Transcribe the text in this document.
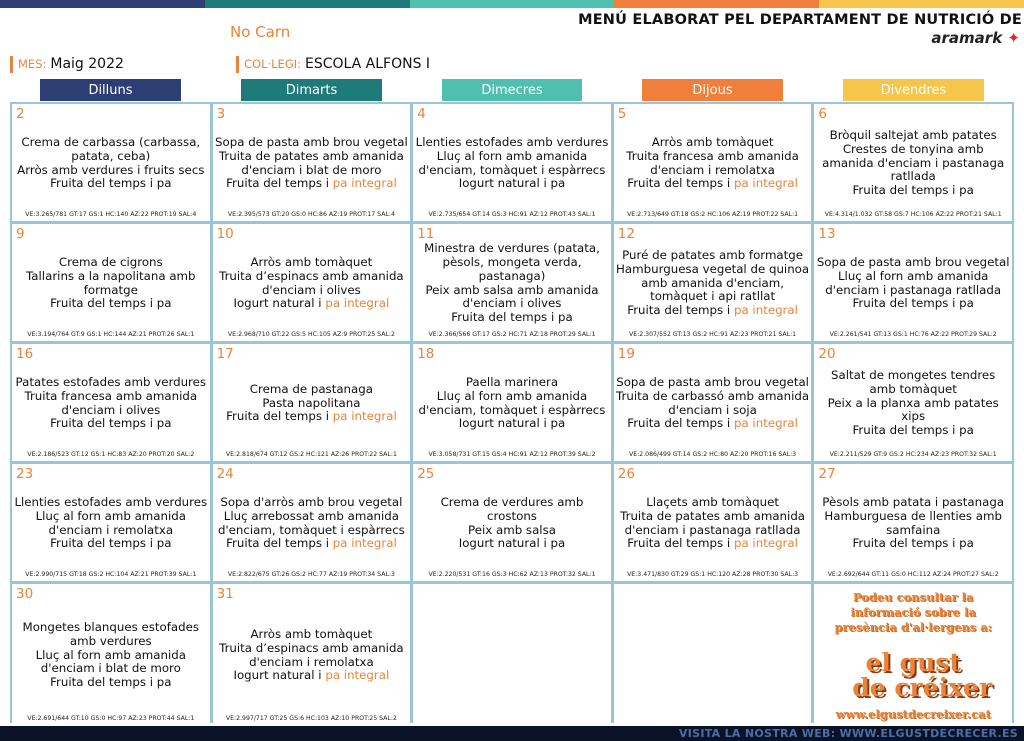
No Carn
MENÚ ELABORAT PEL DEPARTAMENT DE NUTRICIÓ DE
aramark ✦
MES: Maig 2022	COL·LEGI: ESCOLA ALFONS I
Dilluns	Dimarts	Dimecres	Dijous	Divendres
2
Crema de carbassa (carbassa, patata, ceba)
Arròs amb verdures i fruits secs
Fruita del temps i pa
VE:3.265/781 GT:17 GS:1 HC:140 AZ:22 PROT:19 SAL:4
3
Sopa de pasta amb brou vegetal
Truita de patates amb amanida d'enciam i blat de moro
Fruita del temps i pa integral
VE:2.395/573 GT:20 GS:0 HC:86 AZ:19 PROT:17 SAL:4
4
Llenties estofades amb verdures
Lluç al forn amb amanida d'enciam, tomàquet i espàrrecs
Iogurt natural i pa
VE:2.735/654 GT:14 GS:3 HC:91 AZ:12 PROT:43 SAL:1
5
Arròs amb tomàquet
Truita francesa amb amanida d'enciam i remolatxa
Fruita del temps i pa integral
VE:2.713/649 GT:18 GS:2 HC:106 AZ:19 PROT:22 SAL:1
6
Bròquil saltejat amb patates
Crestes de tonyina amb amanida d'enciam i pastanaga ratllada
Fruita del temps i pa
VE:4.314/1.032 GT:58 GS:7 HC:106 AZ:22 PROT:21 SAL:1
9
Crema de cigrons
Tallarins a la napolitana amb formatge
Fruita del temps i pa
VE:3.194/764 GT:9 GS:1 HC:144 AZ:21 PROT:26 SAL:1
10
Arròs amb tomàquet
Truita d’espinacs amb amanida d'enciam i olives
Iogurt natural i pa integral
VE:2.968/710 GT:22 GS:5 HC:105 AZ:9 PROT:25 SAL:2
11
Minestra de verdures (patata, pèsols, mongeta verda, pastanaga)
Peix amb salsa amb amanida d'enciam i olives
Fruita del temps i pa
VE:2.366/566 GT:17 GS:2 HC:71 AZ:18 PROT:29 SAL:1
12
Puré de patates amb formatge
Hamburguesa vegetal de quinoa amb amanida d'enciam, tomàquet i api ratllat
Fruita del temps i pa integral
VE:2.307/552 GT:13 GS:2 HC:91 AZ:23 PROT:21 SAL:1
13
Sopa de pasta amb brou vegetal
Lluç al forn amb amanida d'enciam i pastanaga ratllada
Fruita del temps i pa
VE:2.261/541 GT:13 GS:1 HC:76 AZ:22 PROT:29 SAL:2
16
Patates estofades amb verdures
Truita francesa amb amanida d'enciam i olives
Fruita del temps i pa
VE:2.186/523 GT:12 GS:1 HC:83 AZ:20 PROT:20 SAL:2
17
Crema de pastanaga
Pasta napolitana
Fruita del temps i pa integral
VE:2.818/674 GT:12 GS:2 HC:121 AZ:26 PROT:22 SAL:1
18
Paella marinera
Lluç al forn amb amanida d'enciam, tomàquet i espàrrecs
Iogurt natural i pa
VE:3.058/731 GT:15 GS:4 HC:91 AZ:12 PROT:39 SAL:2
19
Sopa de pasta amb brou vegetal
Truita de carbassó amb amanida d'enciam i soja
Fruita del temps i pa integral
VE:2.086/499 GT:14 GS:2 HC:80 AZ:20 PROT:16 SAL:3
20
Saltat de mongetes tendres amb tomàquet
Peix a la planxa amb patates xips
Fruita del temps i pa
VE:2.211/529 GT:9 GS:2 HC:234 AZ:23 PROT:32 SAL:1
23
Llenties estofades amb verdures
Lluç al forn amb amanida d'enciam i remolatxa
Fruita del temps i pa
VE:2.990/715 GT:18 GS:2 HC:104 AZ:21 PROT:39 SAL:1
24
Sopa d'arròs amb brou vegetal
Lluç arrebossat amb amanida d'enciam, tomàquet i espàrrecs
Fruita del temps i pa integral
VE:2.822/675 GT:26 GS:2 HC:77 AZ:19 PROT:34 SAL:3
25
Crema de verdures amb crostons
Peix amb salsa
Iogurt natural i pa
VE:2.220/531 GT:16 GS:3 HC:62 AZ:13 PROT:32 SAL:1
26
Llaçets amb tomàquet
Truita de patates amb amanida d'enciam i pastanaga ratllada
Fruita del temps i pa integral
VE:3.471/830 GT:29 GS:1 HC:120 AZ:28 PROT:30 SAL:3
27
Pèsols amb patata i pastanaga
Hamburguesa de llenties amb samfaina
Fruita del temps i pa
VE:2.692/644 GT:11 GS:0 HC:112 AZ:24 PROT:27 SAL:2
30
Mongetes blanques estofades amb verdures
Lluç al forn amb amanida d'enciam i blat de moro
Fruita del temps i pa
VE:2.691/644 GT:10 GS:0 HC:97 AZ:23 PROT:44 SAL:1
31
Arròs amb tomàquet
Truita d’espinacs amb amanida d'enciam i remolatxa
Iogurt natural i pa integral
VE:2.997/717 GT:25 GS:6 HC:103 AZ:10 PROT:25 SAL:2
Podeu consultar la
informació sobre la
presència d'al·lergens a:
el gust
de créixer
www.elgustdecreixer.cat
VISITA LA NOSTRA WEB: WWW.ELGUSTDECRECER.ES
